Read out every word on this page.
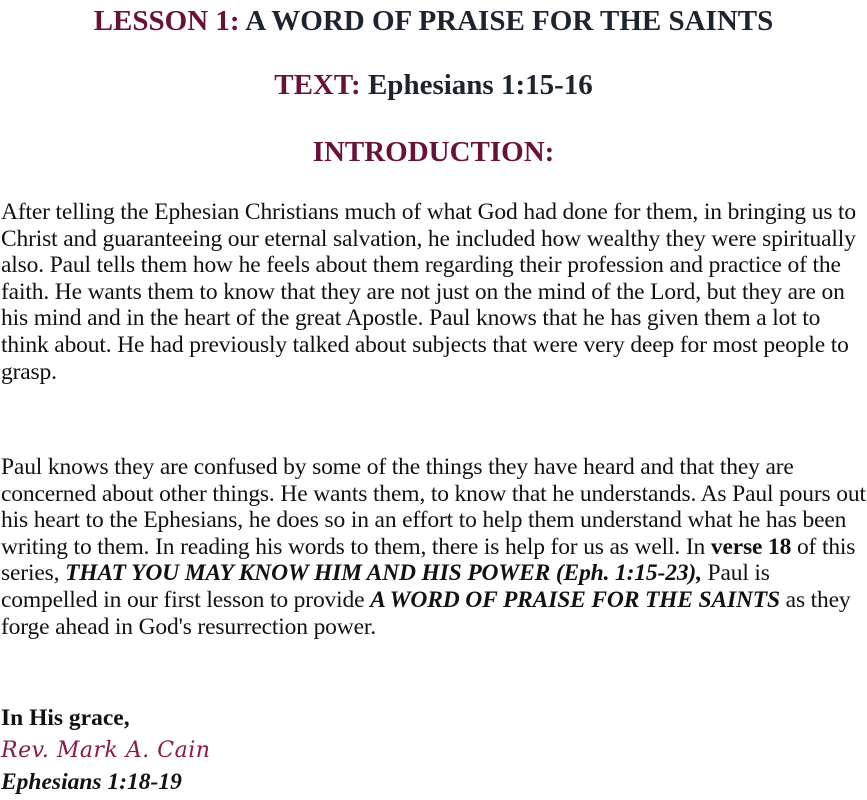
LESSON 1: A WORD OF PRAISE FOR THE SAINTS
TEXT: Ephesians 1:15-16
INTRODUCTION:

After telling the Ephesian Christians much of what God had done for them, in bringing us to Christ and guaranteeing our eternal salvation, he included how wealthy they were spiritually also. Paul tells them how he feels about them regarding their profession and practice of the faith. He wants them to know that they are not just on the mind of the Lord, but they are on his mind and in the heart of the great Apostle. Paul knows that he has given them a lot to think about. He had previously talked about subjects that were very deep for most people to grasp.

Paul knows they are confused by some of the things they have heard and that they are concerned about other things. He wants them, to know that he understands. As Paul pours out his heart to the Ephesians, he does so in an effort to help them understand what he has been writing to them. In reading his words to them, there is help for us as well. In verse 18 of this series, THAT YOU MAY KNOW HIM AND HIS POWER (Eph. 1:15-23), Paul is compelled in our first lesson to provide A WORD OF PRAISE FOR THE SAINTS as they forge ahead in God's resurrection power.

In His grace,

Rev. Mark A. Cain

Ephesians 1:18-19
